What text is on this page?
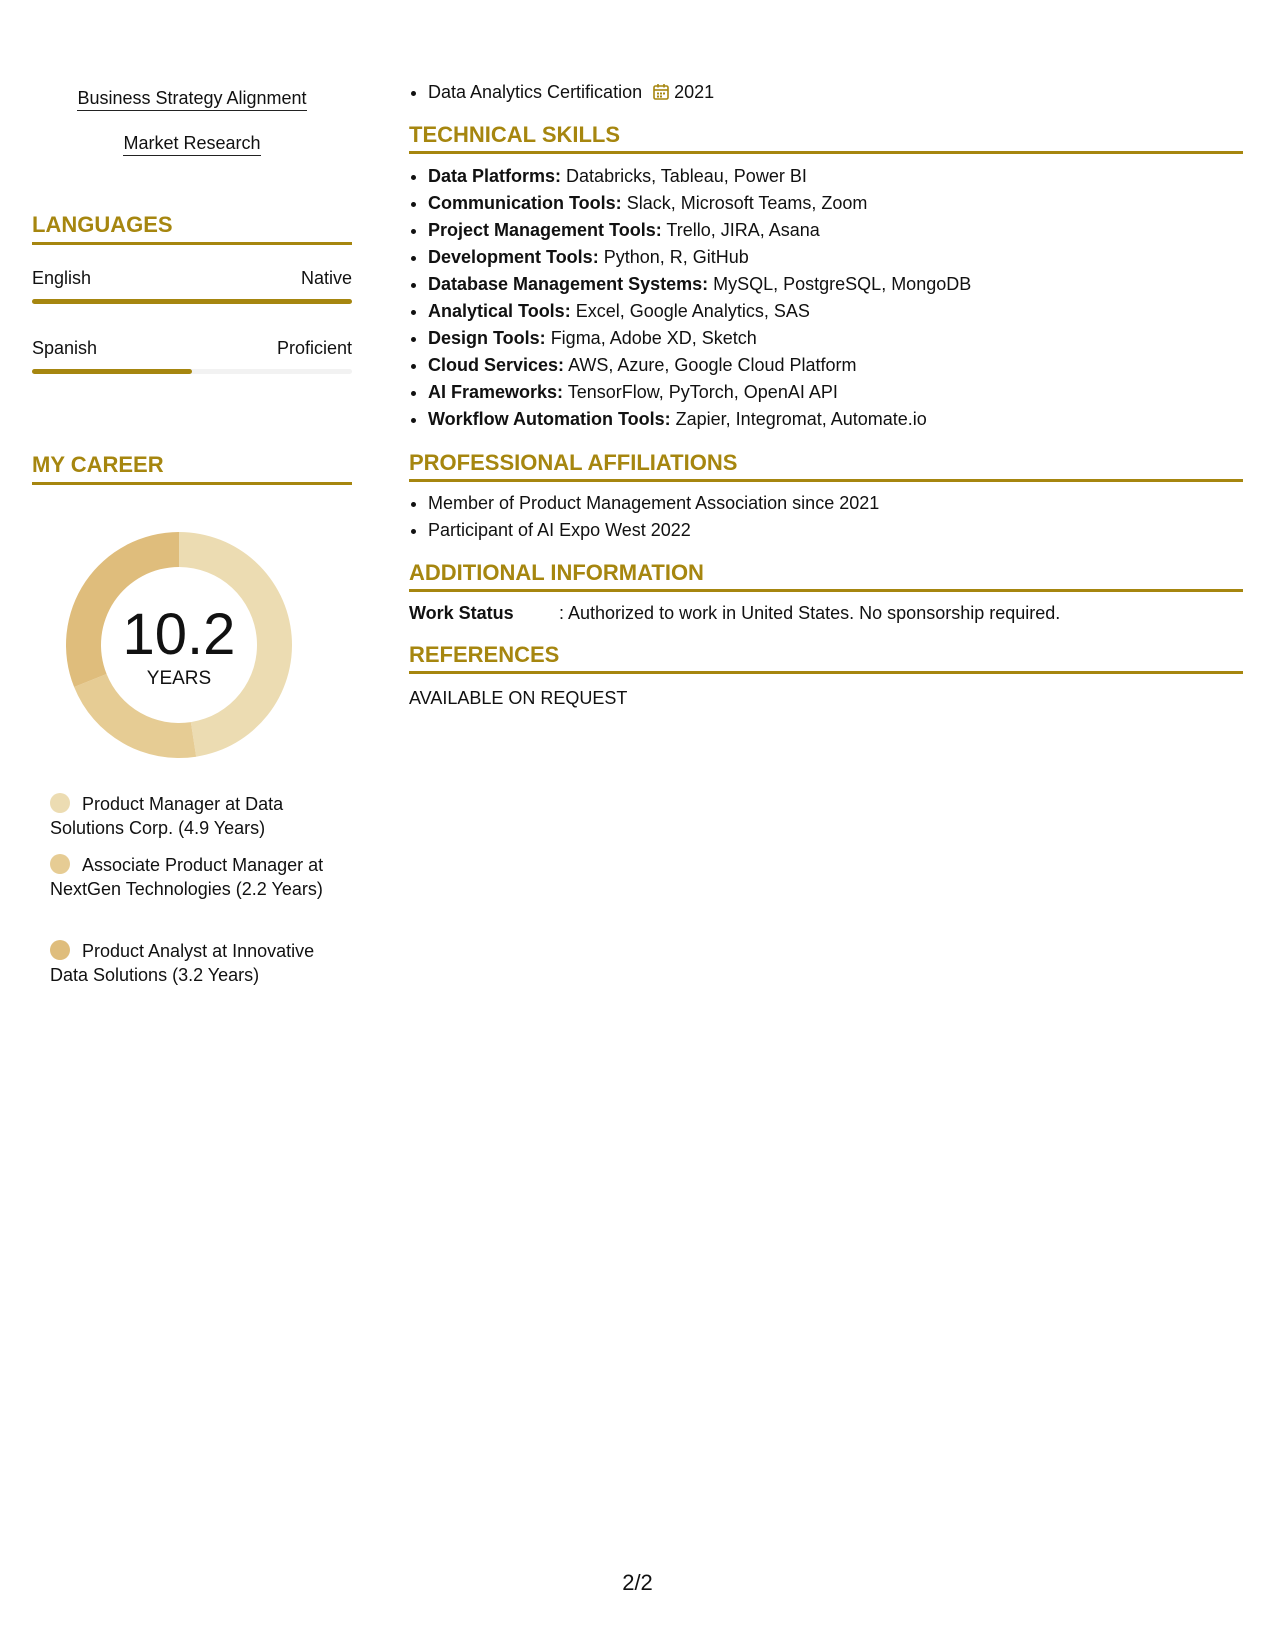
Business Strategy Alignment
Market Research
LANGUAGES
English	Native
Spanish	Proficient
MY CAREER
10.2
YEARS
Product Manager at Data Solutions Corp. (4.9 Years)
Associate Product Manager at NextGen Technologies (2.2 Years)
Product Analyst at Innovative Data Solutions (3.2 Years)
• Data Analytics Certification 2021
TECHNICAL SKILLS
• Data Platforms: Databricks, Tableau, Power BI
• Communication Tools: Slack, Microsoft Teams, Zoom
• Project Management Tools: Trello, JIRA, Asana
• Development Tools: Python, R, GitHub
• Database Management Systems: MySQL, PostgreSQL, MongoDB
• Analytical Tools: Excel, Google Analytics, SAS
• Design Tools: Figma, Adobe XD, Sketch
• Cloud Services: AWS, Azure, Google Cloud Platform
• AI Frameworks: TensorFlow, PyTorch, OpenAI API
• Workflow Automation Tools: Zapier, Integromat, Automate.io
PROFESSIONAL AFFILIATIONS
• Member of Product Management Association since 2021
• Participant of AI Expo West 2022
ADDITIONAL INFORMATION
Work Status	: Authorized to work in United States. No sponsorship required.
REFERENCES
AVAILABLE ON REQUEST
2/2
